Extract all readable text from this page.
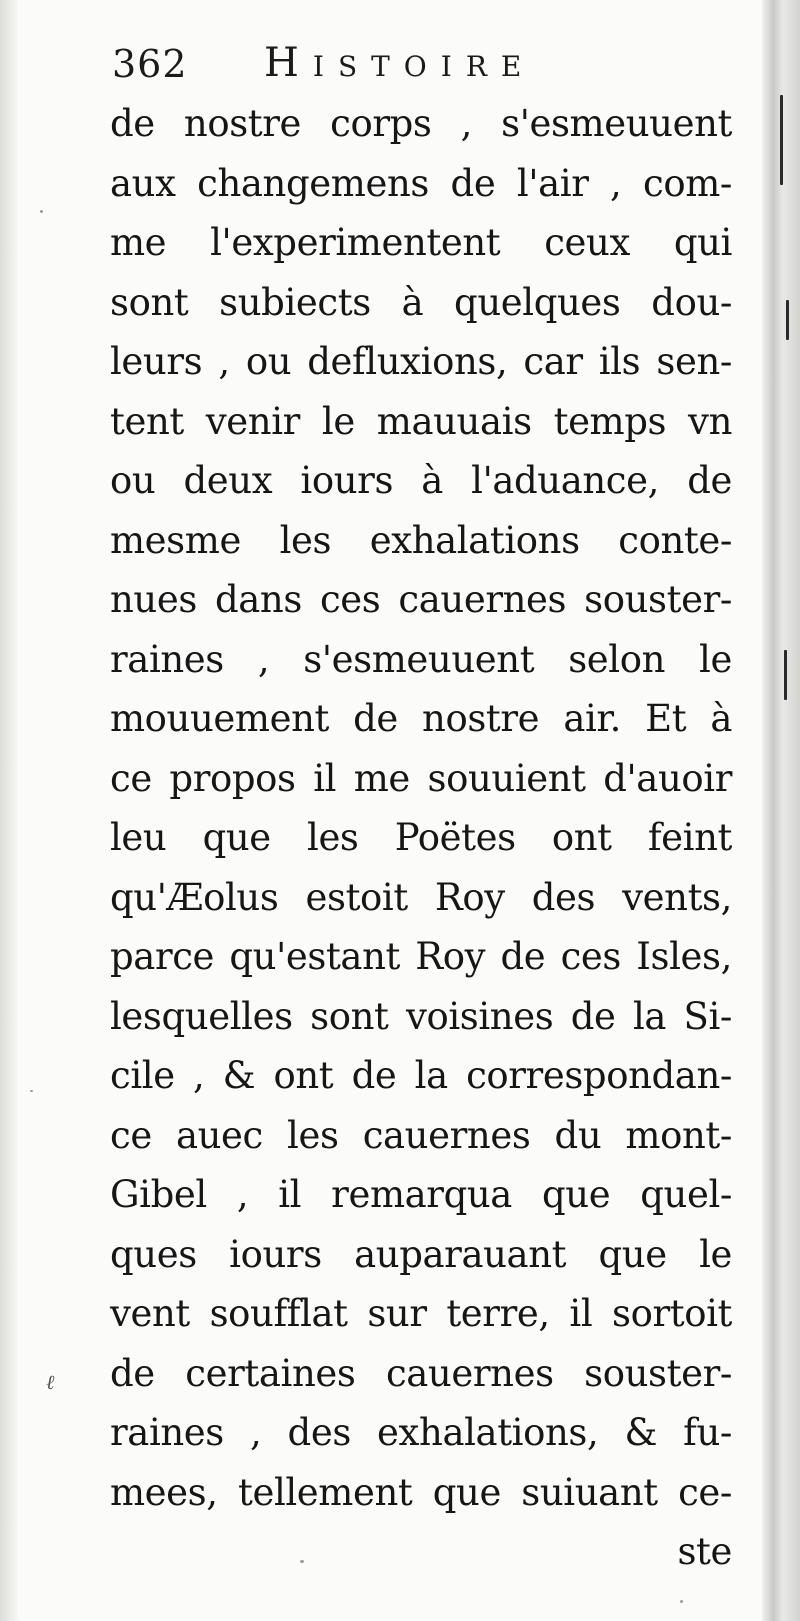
362 Histoire
de nostre corps , s'esmeuuent
aux changemens de l'air , com-
me l'experimentent ceux qui
sont subiects à quelques dou-
leurs , ou defluxions, car ils sen-
tent venir le mauuais temps vn
ou deux iours à l'aduance, de
mesme les exhalations conte-
nues dans ces cauernes souster-
raines , s'esmeuuent selon le
mouuement de nostre air. Et à
ce propos il me souuient d'auoir
leu que les Poëtes ont feint
qu'Æolus estoit Roy des vents,
parce qu'estant Roy de ces Isles,
lesquelles sont voisines de la Si-
cile , & ont de la correspondan-
ce auec les cauernes du mont-
Gibel , il remarqua que quel-
ques iours auparauant que le
vent soufflat sur terre, il sortoit
de certaines cauernes souster-
raines , des exhalations, & fu-
mees, tellement que suiuant ce-
ste
ℓ
